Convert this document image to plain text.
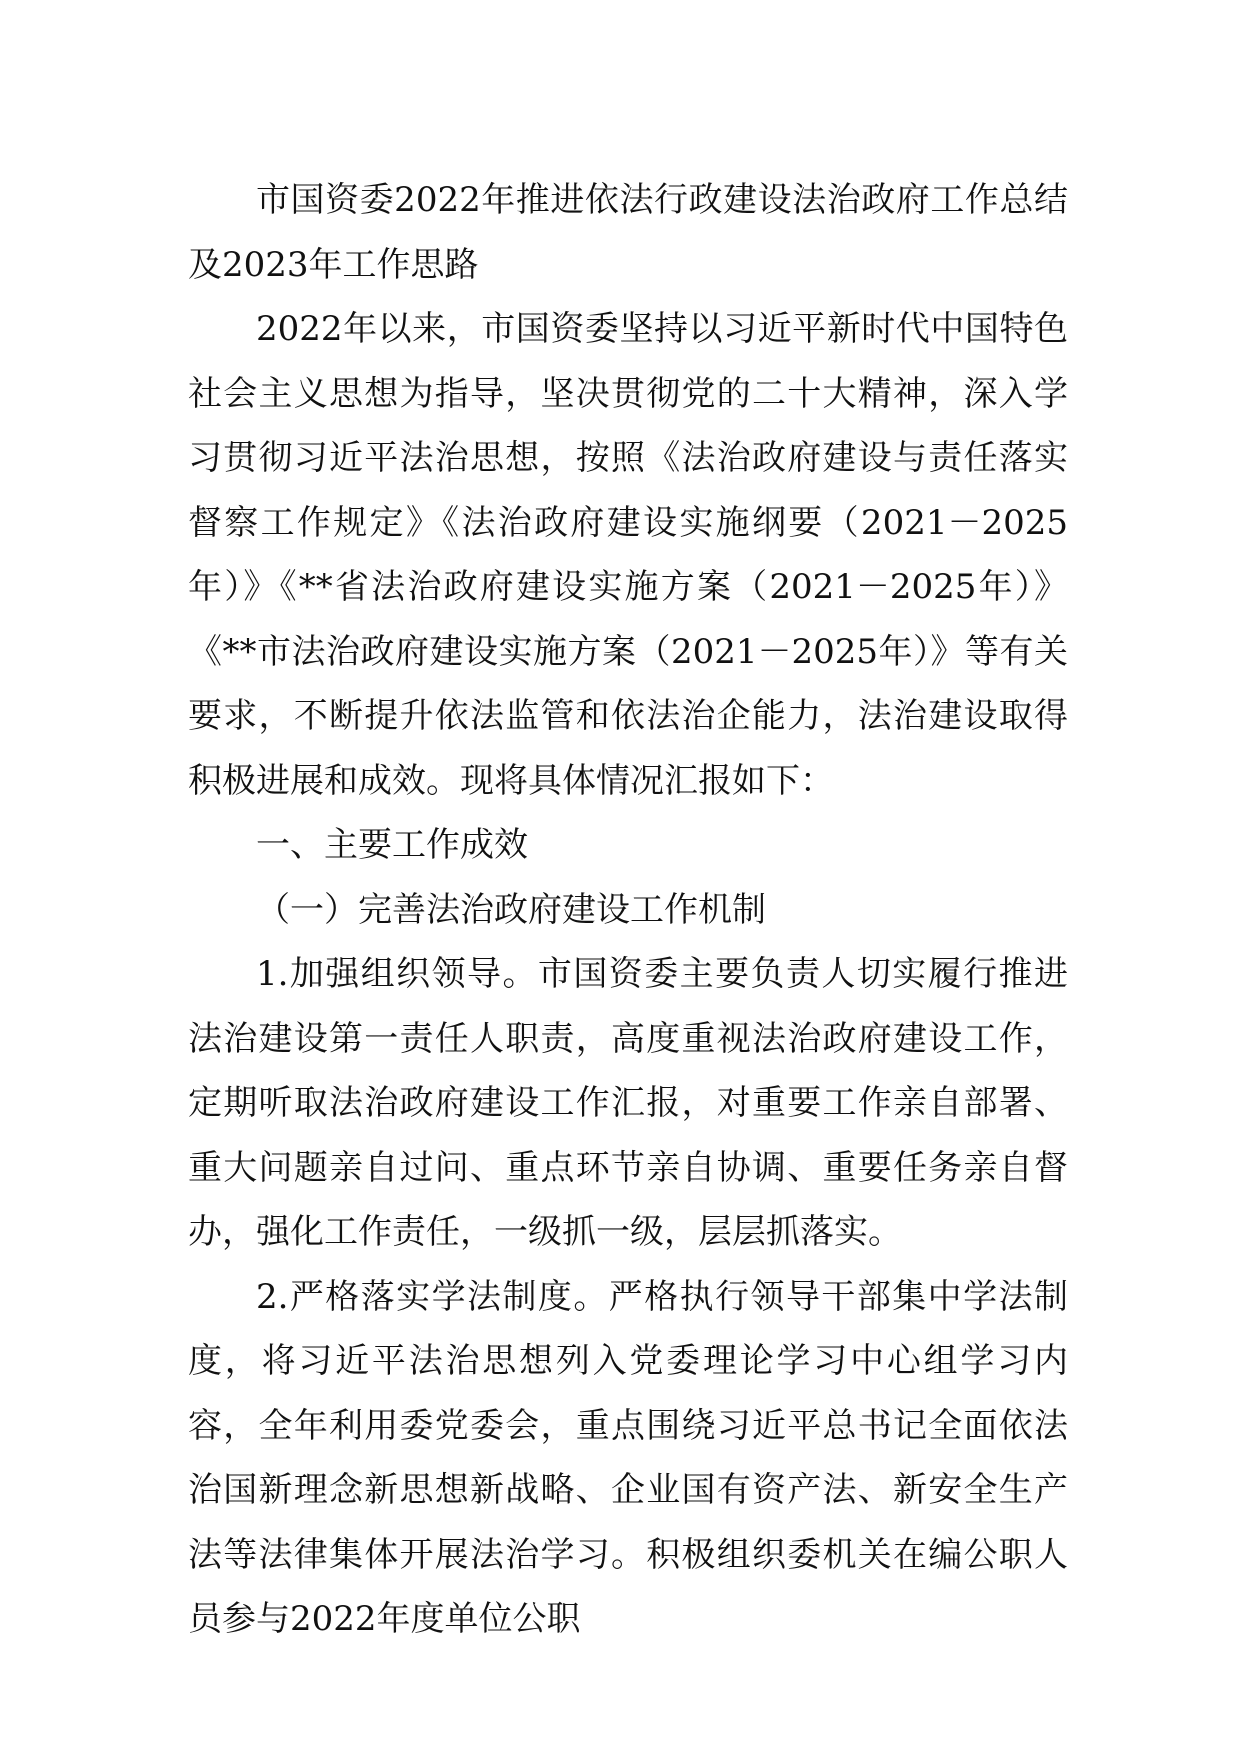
市国资委2022年推进依法行政建设法治政府工作总结及2023年工作思路

2022年以来，市国资委坚持以习近平新时代中国特色社会主义思想为指导，坚决贯彻党的二十大精神，深入学习贯彻习近平法治思想，按照《法治政府建设与责任落实督察工作规定》《法治政府建设实施纲要（2021－2025年）》《**省法治政府建设实施方案（2021－2025年）》《**市法治政府建设实施方案（2021－2025年）》等有关要求，不断提升依法监管和依法治企能力，法治建设取得积极进展和成效。现将具体情况汇报如下：

一、主要工作成效

（一）完善法治政府建设工作机制

1.加强组织领导。市国资委主要负责人切实履行推进法治建设第一责任人职责，高度重视法治政府建设工作，定期听取法治政府建设工作汇报，对重要工作亲自部署、重大问题亲自过问、重点环节亲自协调、重要任务亲自督办，强化工作责任，一级抓一级，层层抓落实。

2.严格落实学法制度。严格执行领导干部集中学法制度，将习近平法治思想列入党委理论学习中心组学习内容，全年利用委党委会，重点围绕习近平总书记全面依法治国新理念新思想新战略、企业国有资产法、新安全生产法等法律集体开展法治学习。积极组织委机关在编公职人员参与2022年度单位公职
